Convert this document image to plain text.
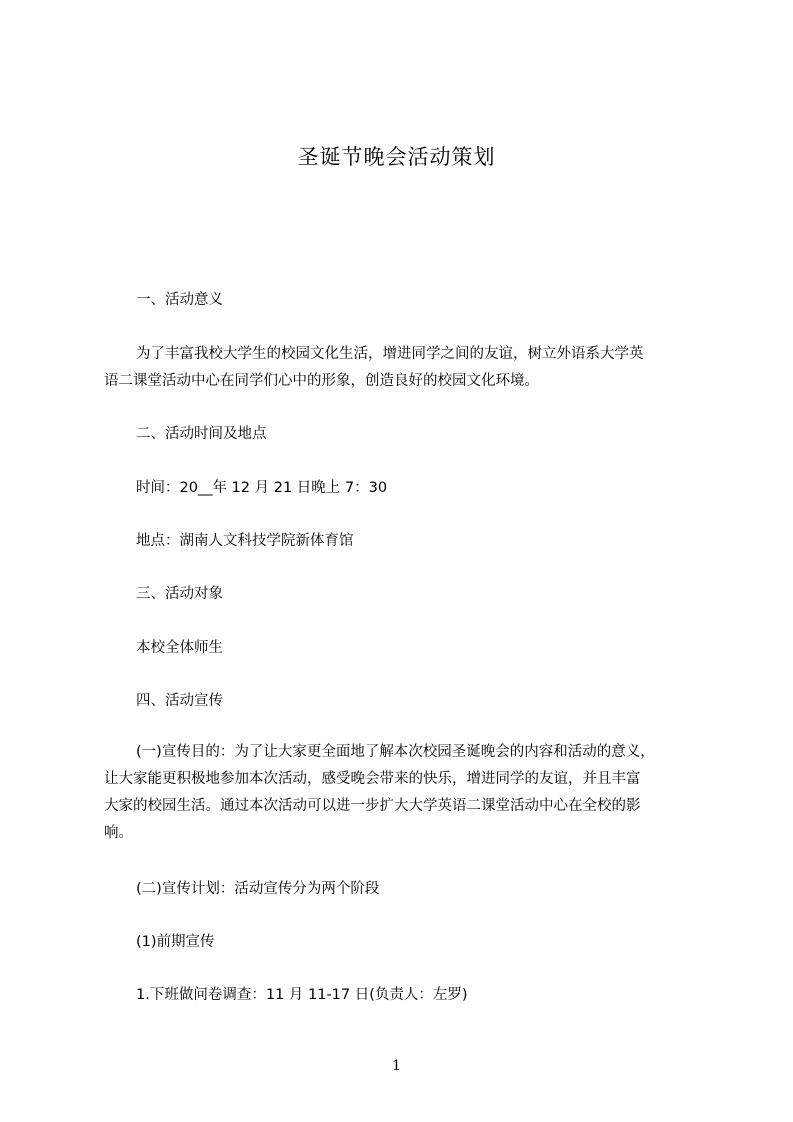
圣诞节晚会活动策划
一、活动意义
为了丰富我校大学生的校园文化生活，增进同学之间的友谊，树立外语系大学英
语二课堂活动中心在同学们心中的形象，创造良好的校园文化环境。
二、活动时间及地点
时间：20__年 12 月 21 日晚上 7：30
地点：湖南人文科技学院新体育馆
三、活动对象
本校全体师生
四、活动宣传
(一)宣传目的：为了让大家更全面地了解本次校园圣诞晚会的内容和活动的意义，
让大家能更积极地参加本次活动，感受晚会带来的快乐，增进同学的友谊，并且丰富
大家的校园生活。通过本次活动可以进一步扩大大学英语二课堂活动中心在全校的影
响。
(二)宣传计划：活动宣传分为两个阶段
(1)前期宣传
1.下班做问卷调查：11 月 11-17 日(负责人：左罗)
1
